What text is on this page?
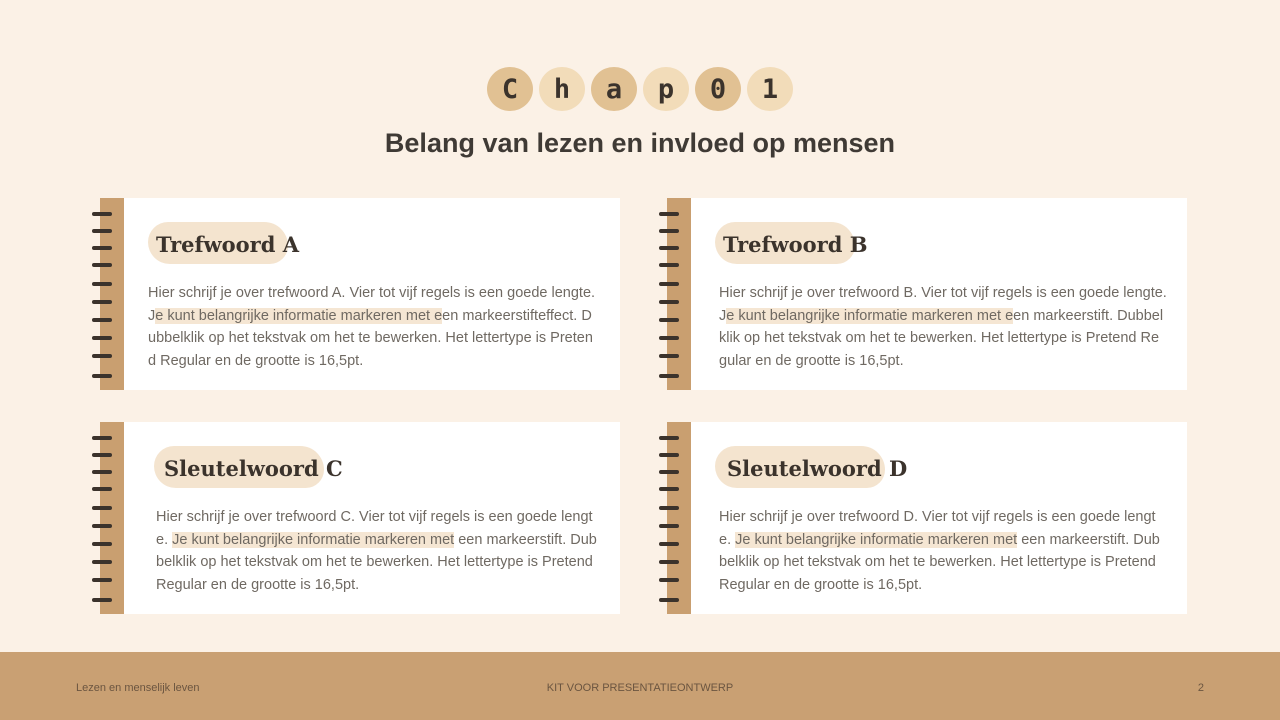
C	h	a	p	0	1
Belang van lezen en invloed op mensen
Trefwoord A

Hier schrijf je over trefwoord A. Vier tot vijf regels is een goede lengte. Je kunt belangrijke informatie markeren met een markeerstifteffect. Dubbelklik op het tekstvak om het te bewerken. Het lettertype is Pretend Regular en de grootte is 16,5pt.

Trefwoord B

Hier schrijf je over trefwoord B. Vier tot vijf regels is een goede lengte. Je kunt belangrijke informatie markeren met een markeerstift. Dubbelklik op het tekstvak om het te bewerken. Het lettertype is Pretend Regular en de grootte is 16,5pt.

Sleutelwoord C

Hier schrijf je over trefwoord C. Vier tot vijf regels is een goede lengte. Je kunt belangrijke informatie markeren met een markeerstift. Dubbelklik op het tekstvak om het te bewerken. Het lettertype is Pretend Regular en de grootte is 16,5pt.

Sleutelwoord D

Hier schrijf je over trefwoord D. Vier tot vijf regels is een goede lengte. Je kunt belangrijke informatie markeren met een markeerstift. Dubbelklik op het tekstvak om het te bewerken. Het lettertype is Pretend Regular en de grootte is 16,5pt.

Lezen en menselijk leven	KIT VOOR PRESENTATIEONTWERP	2
